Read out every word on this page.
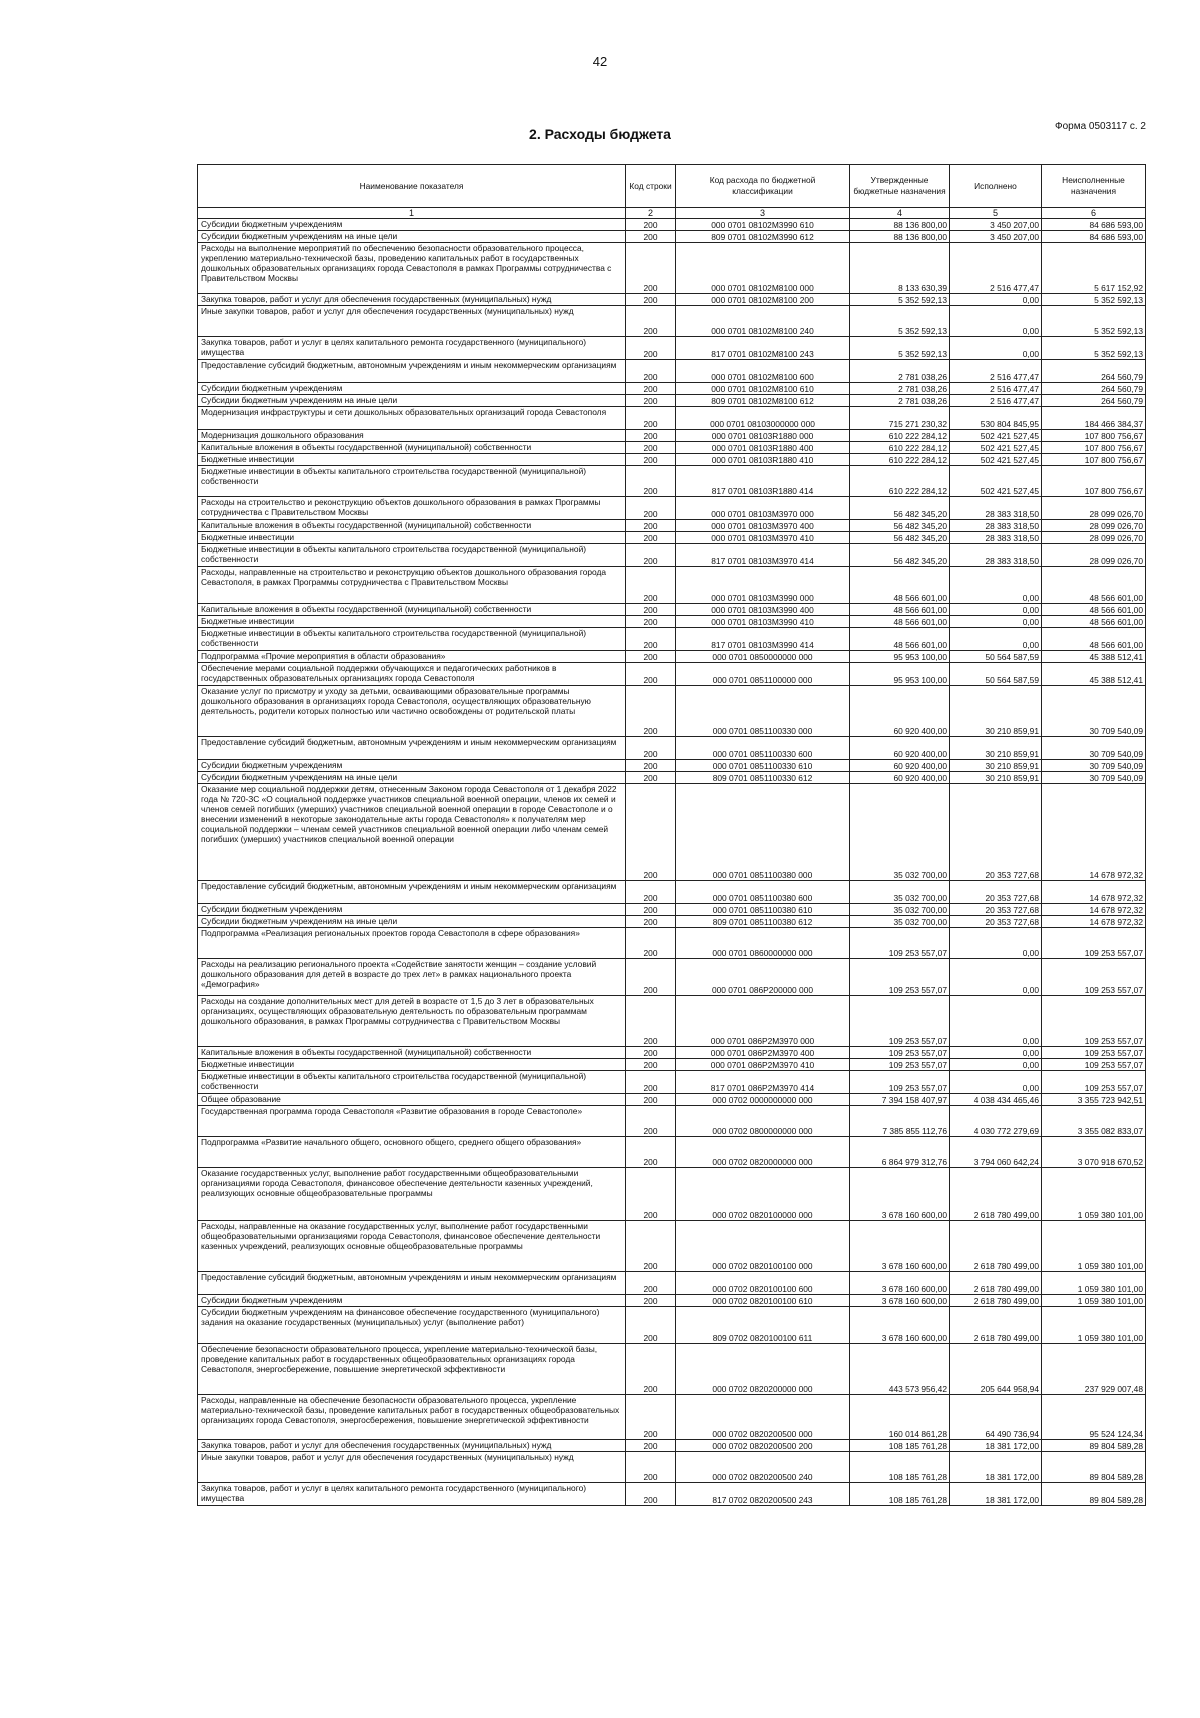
42
Форма 0503117 с. 2
2. Расходы бюджета
Наименование показателя	Код строки	Код расхода по бюджетной классификации	Утвержденные бюджетные назначения	Исполнено	Неисполненные назначения
1	2	3	4	5	6
Субсидии бюджетным учреждениям	200	000 0701 08102М3990 610	88 136 800,00	3 450 207,00	84 686 593,00
Субсидии бюджетным учреждениям на иные цели	200	809 0701 08102М3990 612	88 136 800,00	3 450 207,00	84 686 593,00
Расходы на выполнение мероприятий по обеспечению безопасности образовательного процесса, укреплению материально-технической базы, проведению капитальных работ в государственных дошкольных образовательных организациях города Севастополя в рамках Программы сотрудничества с Правительством Москвы	200	000 0701 08102М8100 000	8 133 630,39	2 516 477,47	5 617 152,92
Закупка товаров, работ и услуг для обеспечения государственных (муниципальных) нужд	200	000 0701 08102М8100 200	5 352 592,13	0,00	5 352 592,13
Иные закупки товаров, работ и услуг для обеспечения государственных (муниципальных) нужд	200	000 0701 08102М8100 240	5 352 592,13	0,00	5 352 592,13
Закупка товаров, работ и услуг в целях капитального ремонта государственного (муниципального) имущества	200	817 0701 08102М8100 243	5 352 592,13	0,00	5 352 592,13
Предоставление субсидий бюджетным, автономным учреждениям и иным некоммерческим организациям	200	000 0701 08102М8100 600	2 781 038,26	2 516 477,47	264 560,79
Субсидии бюджетным учреждениям	200	000 0701 08102М8100 610	2 781 038,26	2 516 477,47	264 560,79
Субсидии бюджетным учреждениям на иные цели	200	809 0701 08102М8100 612	2 781 038,26	2 516 477,47	264 560,79
Модернизация инфраструктуры и сети дошкольных образовательных организаций города Севастополя	200	000 0701 08103000000 000	715 271 230,32	530 804 845,95	184 466 384,37
Модернизация дошкольного образования	200	000 0701 08103R1880 000	610 222 284,12	502 421 527,45	107 800 756,67
Капитальные вложения в объекты государственной (муниципальной) собственности	200	000 0701 08103R1880 400	610 222 284,12	502 421 527,45	107 800 756,67
Бюджетные инвестиции	200	000 0701 08103R1880 410	610 222 284,12	502 421 527,45	107 800 756,67
Бюджетные инвестиции в объекты капитального строительства государственной (муниципальной) собственности	200	817 0701 08103R1880 414	610 222 284,12	502 421 527,45	107 800 756,67
Расходы на строительство и реконструкцию объектов дошкольного образования в рамках Программы сотрудничества с Правительством Москвы	200	000 0701 08103М3970 000	56 482 345,20	28 383 318,50	28 099 026,70
Капитальные вложения в объекты государственной (муниципальной) собственности	200	000 0701 08103М3970 400	56 482 345,20	28 383 318,50	28 099 026,70
Бюджетные инвестиции	200	000 0701 08103М3970 410	56 482 345,20	28 383 318,50	28 099 026,70
Бюджетные инвестиции в объекты капитального строительства государственной (муниципальной) собственности	200	817 0701 08103М3970 414	56 482 345,20	28 383 318,50	28 099 026,70
Расходы, направленные на строительство и реконструкцию объектов дошкольного образования города Севастополя, в рамках Программы сотрудничества с Правительством Москвы	200	000 0701 08103М3990 000	48 566 601,00	0,00	48 566 601,00
Капитальные вложения в объекты государственной (муниципальной) собственности	200	000 0701 08103М3990 400	48 566 601,00	0,00	48 566 601,00
Бюджетные инвестиции	200	000 0701 08103М3990 410	48 566 601,00	0,00	48 566 601,00
Бюджетные инвестиции в объекты капитального строительства государственной (муниципальной) собственности	200	817 0701 08103М3990 414	48 566 601,00	0,00	48 566 601,00
Подпрограмма «Прочие мероприятия в области образования»	200	000 0701 0850000000 000	95 953 100,00	50 564 587,59	45 388 512,41
Обеспечение мерами социальной поддержки обучающихся и педагогических работников в государственных образовательных организациях города Севастополя	200	000 0701 0851100000 000	95 953 100,00	50 564 587,59	45 388 512,41
Оказание услуг по присмотру и уходу за детьми, осваивающими образовательные программы дошкольного образования в организациях города Севастополя, осуществляющих образовательную деятельность, родители которых полностью или частично освобождены от родительской платы	200	000 0701 0851100330 000	60 920 400,00	30 210 859,91	30 709 540,09
Предоставление субсидий бюджетным, автономным учреждениям и иным некоммерческим организациям	200	000 0701 0851100330 600	60 920 400,00	30 210 859,91	30 709 540,09
Субсидии бюджетным учреждениям	200	000 0701 0851100330 610	60 920 400,00	30 210 859,91	30 709 540,09
Субсидии бюджетным учреждениям на иные цели	200	809 0701 0851100330 612	60 920 400,00	30 210 859,91	30 709 540,09
Оказание мер социальной поддержки детям, отнесенным Законом города Севастополя от 1 декабря 2022 года № 720-ЗС «О социальной поддержке участников специальной военной операции, членов их семей и членов семей погибших (умерших) участников специальной военной операции в городе Севастополе и о внесении изменений в некоторые законодательные акты города Севастополя» к получателям мер социальной поддержки – членам семей участников специальной военной операции либо членам семей погибших (умерших) участников специальной военной операции	200	000 0701 0851100380 000	35 032 700,00	20 353 727,68	14 678 972,32
Предоставление субсидий бюджетным, автономным учреждениям и иным некоммерческим организациям	200	000 0701 0851100380 600	35 032 700,00	20 353 727,68	14 678 972,32
Субсидии бюджетным учреждениям	200	000 0701 0851100380 610	35 032 700,00	20 353 727,68	14 678 972,32
Субсидии бюджетным учреждениям на иные цели	200	809 0701 0851100380 612	35 032 700,00	20 353 727,68	14 678 972,32
Подпрограмма «Реализация региональных проектов города Севастополя в сфере образования»	200	000 0701 0860000000 000	109 253 557,07	0,00	109 253 557,07
Расходы на реализацию регионального проекта «Содействие занятости женщин – создание условий дошкольного образования для детей в возрасте до трех лет» в рамках национального проекта «Демография»	200	000 0701 086Р200000 000	109 253 557,07	0,00	109 253 557,07
Расходы на создание дополнительных мест для детей в возрасте от 1,5 до 3 лет в образовательных организациях, осуществляющих образовательную деятельность по образовательным программам дошкольного образования, в рамках Программы сотрудничества с Правительством Москвы	200	000 0701 086Р2М3970 000	109 253 557,07	0,00	109 253 557,07
Капитальные вложения в объекты государственной (муниципальной) собственности	200	000 0701 086Р2М3970 400	109 253 557,07	0,00	109 253 557,07
Бюджетные инвестиции	200	000 0701 086Р2М3970 410	109 253 557,07	0,00	109 253 557,07
Бюджетные инвестиции в объекты капитального строительства государственной (муниципальной) собственности	200	817 0701 086Р2М3970 414	109 253 557,07	0,00	109 253 557,07
Общее образование	200	000 0702 0000000000 000	7 394 158 407,97	4 038 434 465,46	3 355 723 942,51
Государственная программа города Севастополя «Развитие образования в городе Севастополе»	200	000 0702 0800000000 000	7 385 855 112,76	4 030 772 279,69	3 355 082 833,07
Подпрограмма «Развитие начального общего, основного общего, среднего общего образования»	200	000 0702 0820000000 000	6 864 979 312,76	3 794 060 642,24	3 070 918 670,52
Оказание государственных услуг, выполнение работ государственными общеобразовательными организациями города Севастополя, финансовое обеспечение деятельности казенных учреждений, реализующих основные общеобразовательные программы	200	000 0702 0820100000 000	3 678 160 600,00	2 618 780 499,00	1 059 380 101,00
Расходы, направленные на оказание государственных услуг, выполнение работ государственными общеобразовательными организациями города Севастополя, финансовое обеспечение деятельности казенных учреждений, реализующих основные общеобразовательные программы	200	000 0702 0820100100 000	3 678 160 600,00	2 618 780 499,00	1 059 380 101,00
Предоставление субсидий бюджетным, автономным учреждениям и иным некоммерческим организациям	200	000 0702 0820100100 600	3 678 160 600,00	2 618 780 499,00	1 059 380 101,00
Субсидии бюджетным учреждениям	200	000 0702 0820100100 610	3 678 160 600,00	2 618 780 499,00	1 059 380 101,00
Субсидии бюджетным учреждениям на финансовое обеспечение государственного (муниципального) задания на оказание государственных (муниципальных) услуг (выполнение работ)	200	809 0702 0820100100 611	3 678 160 600,00	2 618 780 499,00	1 059 380 101,00
Обеспечение безопасности образовательного процесса, укрепление материально-технической базы, проведение капитальных работ в государственных общеобразовательных организациях города Севастополя, энергосбережение, повышение энергетической эффективности	200	000 0702 0820200000 000	443 573 956,42	205 644 958,94	237 929 007,48
Расходы, направленные на обеспечение безопасности образовательного процесса, укрепление материально-технической базы, проведение капитальных работ в государственных общеобразовательных организациях города Севастополя, энергосбережения, повышение энергетической эффективности	200	000 0702 0820200500 000	160 014 861,28	64 490 736,94	95 524 124,34
Закупка товаров, работ и услуг для обеспечения государственных (муниципальных) нужд	200	000 0702 0820200500 200	108 185 761,28	18 381 172,00	89 804 589,28
Иные закупки товаров, работ и услуг для обеспечения государственных (муниципальных) нужд	200	000 0702 0820200500 240	108 185 761,28	18 381 172,00	89 804 589,28
Закупка товаров, работ и услуг в целях капитального ремонта государственного (муниципального) имущества	200	817 0702 0820200500 243	108 185 761,28	18 381 172,00	89 804 589,28
